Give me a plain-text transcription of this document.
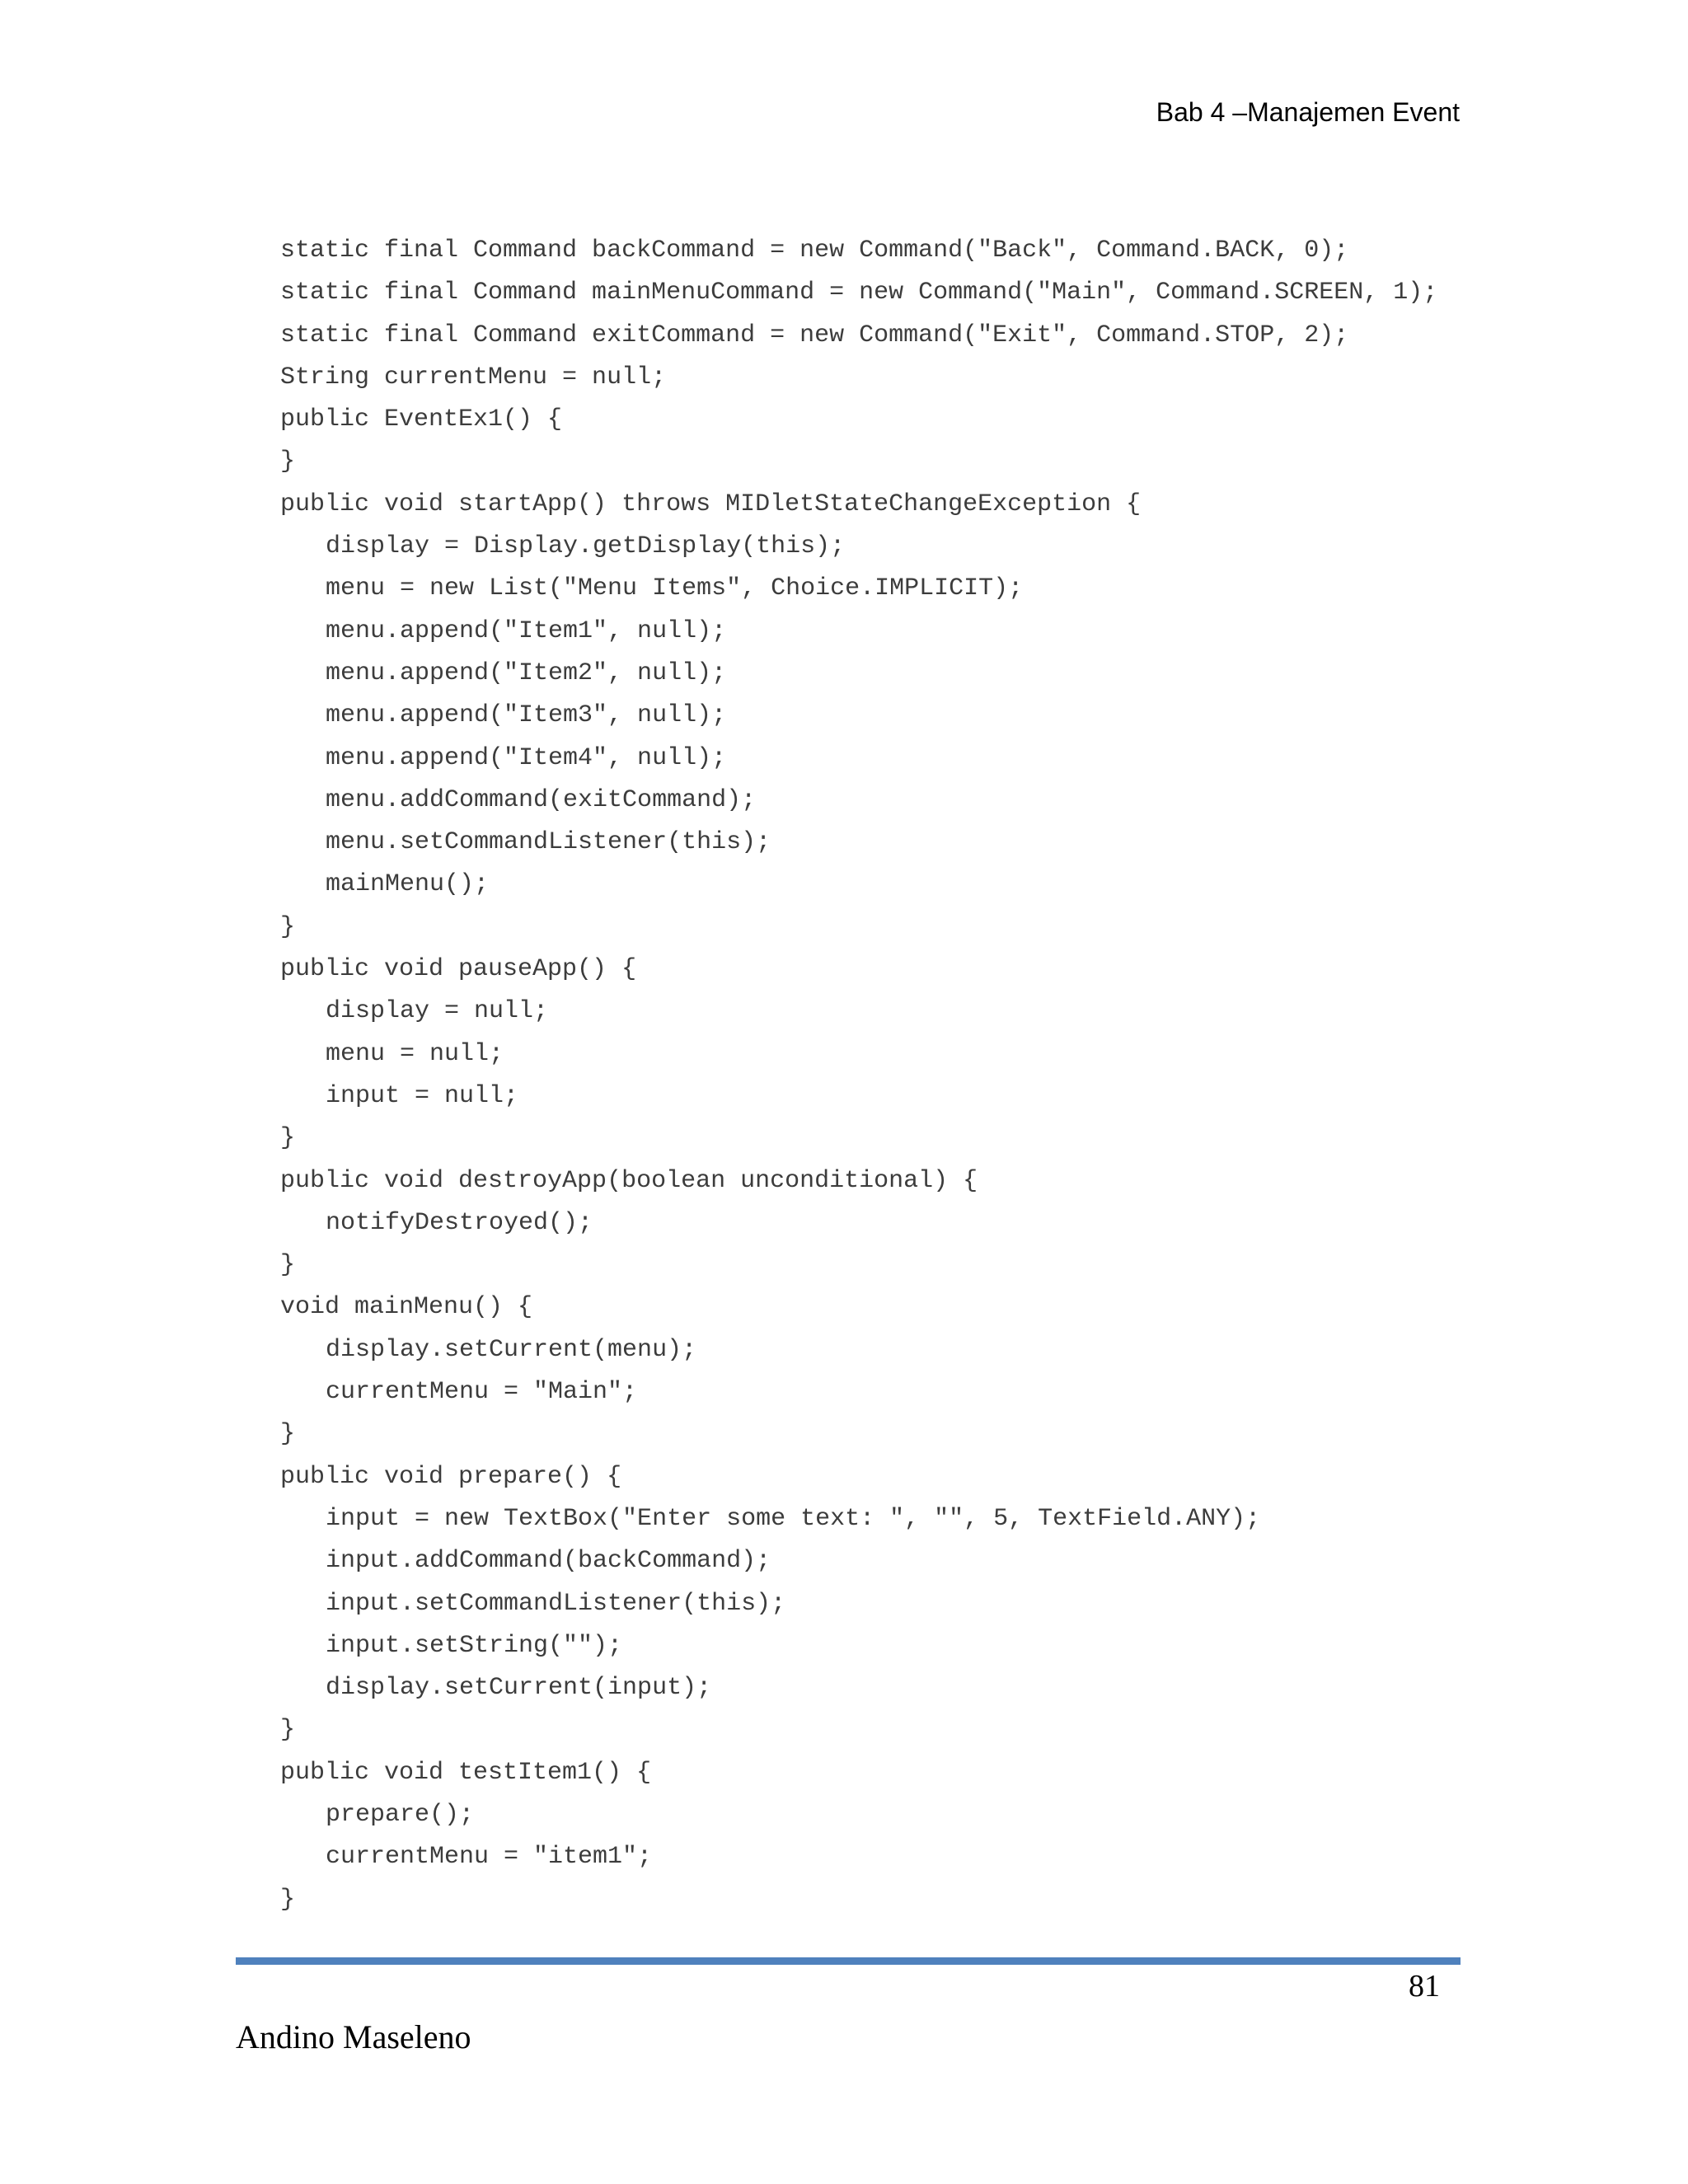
Bab 4 –Manajemen Event
static final Command backCommand = new Command("Back", Command.BACK, 0);
static final Command mainMenuCommand = new Command("Main", Command.SCREEN, 1);
static final Command exitCommand = new Command("Exit", Command.STOP, 2);
String currentMenu = null;
public EventEx1() {
}
public void startApp() throws MIDletStateChangeException {
display = Display.getDisplay(this);
menu = new List("Menu Items", Choice.IMPLICIT);
menu.append("Item1", null);
menu.append("Item2", null);
menu.append("Item3", null);
menu.append("Item4", null);
menu.addCommand(exitCommand);
menu.setCommandListener(this);
mainMenu();
}
public void pauseApp() {
display = null;
menu = null;
input = null;
}
public void destroyApp(boolean unconditional) {
notifyDestroyed();
}
void mainMenu() {
display.setCurrent(menu);
currentMenu = "Main";
}
public void prepare() {
input = new TextBox("Enter some text: ", "", 5, TextField.ANY);
input.addCommand(backCommand);
input.setCommandListener(this);
input.setString("");
display.setCurrent(input);
}
public void testItem1() {
prepare();
currentMenu = "item1";
}
81
Andino Maseleno
